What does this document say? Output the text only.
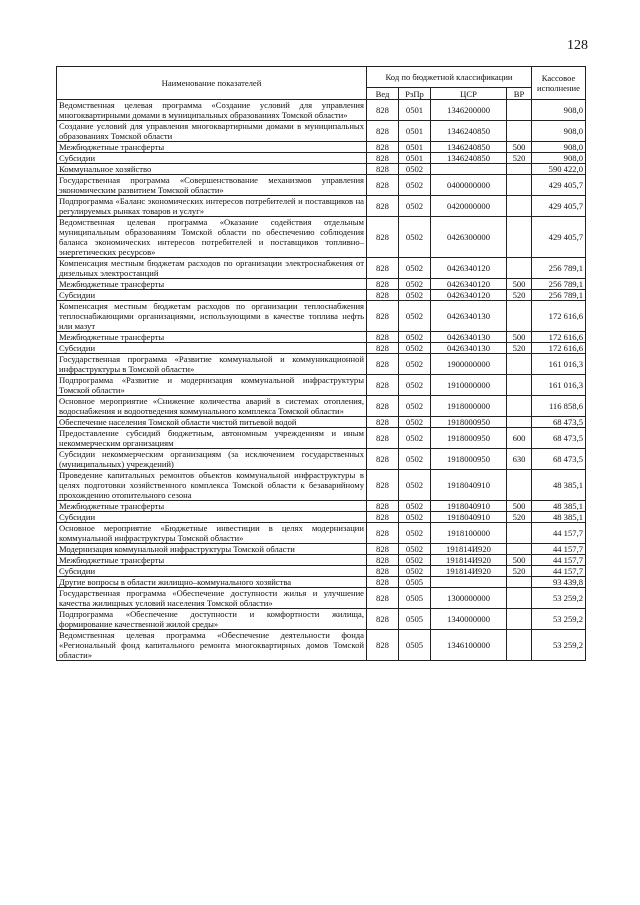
128
Наименование показателей	Код по бюджетной классификации				Кассовое исполнение
	Вед	РзПр	ЦСР	ВР	
Ведомственная целевая программа «Создание условий для управления многоквартирными домами в муниципальных образованиях Томской области»	828	0501	1346200000		908,0
Создание условий для управления многоквартирными домами в муниципальных образованиях Томской области	828	0501	1346240850		908,0
Межбюджетные трансферты	828	0501	1346240850	500	908,0
Субсидии	828	0501	1346240850	520	908,0
Коммунальное хозяйство	828	0502			590 422,0
Государственная программа «Совершенствование механизмов управления экономическим развитием Томской области»	828	0502	0400000000		429 405,7
Подпрограмма «Баланс экономических интересов потребителей и поставщиков на регулируемых рынках товаров и услуг»	828	0502	0420000000		429 405,7
Ведомственная целевая программа «Оказание содействия отдельным муниципальным образованиям Томской области по обеспечению соблюдения баланса экономических интересов потребителей и поставщиков топливно–энергетических ресурсов»	828	0502	0426300000		429 405,7
Компенсация местным бюджетам расходов по организации электроснабжения от дизельных электростанций	828	0502	0426340120		256 789,1
Межбюджетные трансферты	828	0502	0426340120	500	256 789,1
Субсидии	828	0502	0426340120	520	256 789,1
Компенсация местным бюджетам расходов по организации теплоснабжения теплоснабжающими организациями, использующими в качестве топлива нефть или мазут	828	0502	0426340130		172 616,6
Межбюджетные трансферты	828	0502	0426340130	500	172 616,6
Субсидии	828	0502	0426340130	520	172 616,6
Государственная программа «Развитие коммунальной и коммуникационной инфраструктуры в Томской области»	828	0502	1900000000		161 016,3
Подпрограмма «Развитие и модернизация коммунальной инфраструктуры Томской области»	828	0502	1910000000		161 016,3
Основное мероприятие «Снижение количества аварий в системах отопления, водоснабжения и водоотведения коммунального комплекса Томской области»	828	0502	1918000000		116 858,6
Обеспечение населения Томской области чистой питьевой водой	828	0502	1918000950		68 473,5
Предоставление субсидий бюджетным, автономным учреждениям и иным некоммерческим организациям	828	0502	1918000950	600	68 473,5
Субсидии некоммерческим организациям (за исключением государственных (муниципальных) учреждений)	828	0502	1918000950	630	68 473,5
Проведение капитальных ремонтов объектов коммунальной инфраструктуры в целях подготовки хозяйственного комплекса Томской области к безаварийному прохождению отопительного сезона	828	0502	1918040910		48 385,1
Межбюджетные трансферты	828	0502	1918040910	500	48 385,1
Субсидии	828	0502	1918040910	520	48 385,1
Основное мероприятие «Бюджетные инвестиции в целях модернизации коммунальной инфраструктуры Томской области»	828	0502	1918100000		44 157,7
Модернизация коммунальной инфраструктуры Томской области	828	0502	191814И920		44 157,7
Межбюджетные трансферты	828	0502	191814И920	500	44 157,7
Субсидии	828	0502	191814И920	520	44 157,7
Другие вопросы в области жилищно–коммунального хозяйства	828	0505			93 439,8
Государственная программа «Обеспечение доступности жилья и улучшение качества жилищных условий населения Томской области»	828	0505	1300000000		53 259,2
Подпрограмма «Обеспечение доступности и комфортности жилища, формирование качественной жилой среды»	828	0505	1340000000		53 259,2
Ведомственная целевая программа «Обеспечение деятельности фонда «Региональный фонд капитального ремонта многоквартирных домов Томской области»	828	0505	1346100000		53 259,2
